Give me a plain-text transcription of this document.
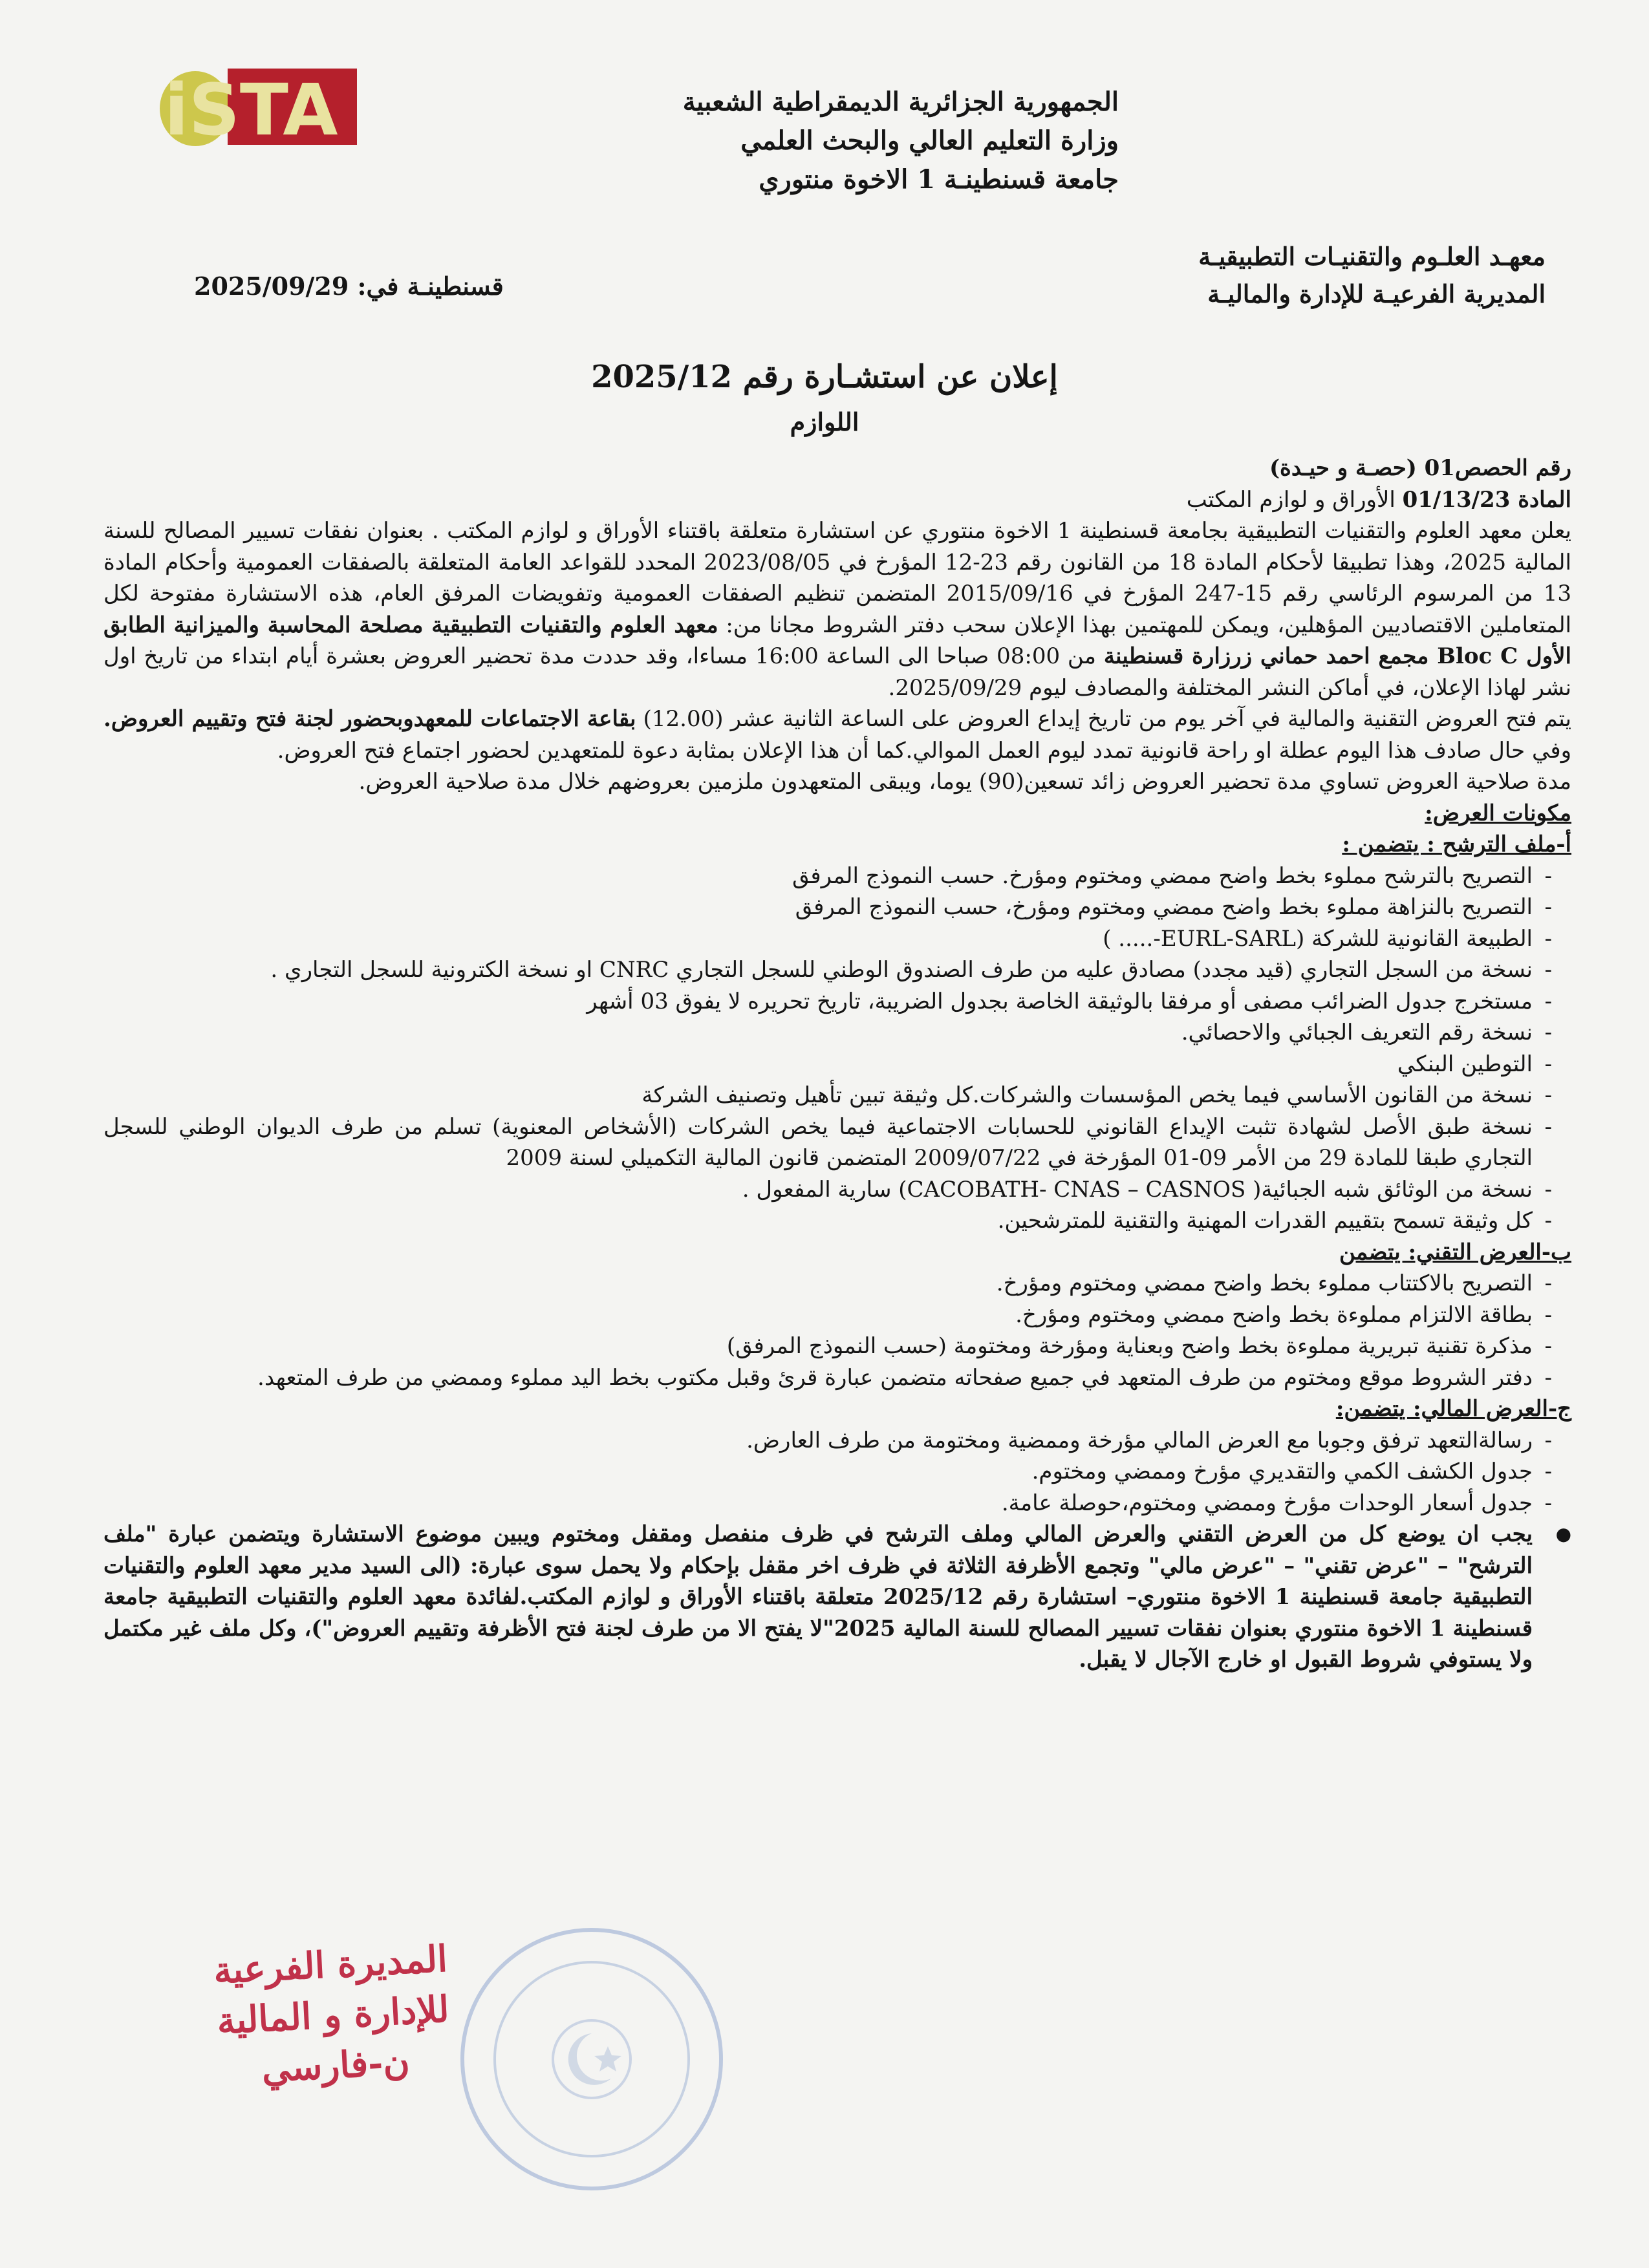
iSTA	الجمهورية الجزائرية الديمقراطية الشعبية
وزارة التعليم العالي والبحث العلمي
جامعة قسنطينـة 1 الاخوة منتوري
معهـد العلـوم والتقنيـات التطبيقيـة
المديرية الفرعيـة للإدارة والماليـة
قسنطينـة في: 2025/09/29
إعلان عن استشـارة رقم 2025/12
اللوازم

رقم الحصص01 (حصـة و حيـدة)

المادة 01/13/23 الأوراق و لوازم المكتب

يعلن معهد العلوم والتقنيات التطبيقية بجامعة قسنطينة 1 الاخوة منتوري عن استشارة متعلقة باقتناء الأوراق و لوازم المكتب . بعنوان نفقات تسيير المصالح للسنة المالية 2025، وهذا تطبيقا لأحكام المادة 18 من القانون رقم 23-12 المؤرخ في 2023/08/05 المحدد للقواعد العامة المتعلقة بالصفقات العمومية وأحكام المادة 13 من المرسوم الرئاسي رقم 15-247 المؤرخ في 2015/09/16 المتضمن تنظيم الصفقات العمومية وتفويضات المرفق العام، هذه الاستشارة مفتوحة لكل المتعاملين الاقتصاديين المؤهلين، ويمكن للمهتمين بهذا الإعلان سحب دفتر الشروط مجانا من: معهد العلوم والتقنيات التطبيقية مصلحة المحاسبة والميزانية الطابق الأول Bloc C مجمع احمد حماني زرزارة قسنطينة من 08:00 صباحا الى الساعة 16:00 مساءا، وقد حددت مدة تحضير العروض بعشرة أيام ابتداء من تاريخ اول نشر لهاذا الإعلان، في أماكن النشر المختلفة والمصادف ليوم 2025/09/29.

يتم فتح العروض التقنية والمالية في آخر يوم من تاريخ إيداع العروض على الساعة الثانية عشر (12.00) بقاعة الاجتماعات للمعهدوبحضور لجنة فتح وتقييم العروض. وفي حال صادف هذا اليوم عطلة او راحة قانونية تمدد ليوم العمل الموالي.كما أن هذا الإعلان بمثابة دعوة للمتعهدين لحضور اجتماع فتح العروض.

مدة صلاحية العروض تساوي مدة تحضير العروض زائد تسعين(90) يوما، ويبقى المتعهدون ملزمين بعروضهم خلال مدة صلاحية العروض.

مكونات العرض:

أ-ملف الترشح : يتضمن :

- التصريح بالترشح مملوء بخط واضح ممضي ومختوم ومؤرخ. حسب النموذج المرفق
- التصريح بالنزاهة مملوء بخط واضح ممضي ومختوم ومؤرخ، حسب النموذج المرفق
- الطبيعة القانونية للشركة (EURL-SARL-..... )
- نسخة من السجل التجاري (قيد مجدد) مصادق عليه من طرف الصندوق الوطني للسجل التجاري CNRC او نسخة الكترونية للسجل التجاري .
- مستخرج جدول الضرائب مصفى أو مرفقا بالوثيقة الخاصة بجدول الضريبة، تاريخ تحريره لا يفوق 03 أشهر
- نسخة رقم التعريف الجبائي والاحصائي.
- التوطين البنكي
- نسخة من القانون الأساسي فيما يخص المؤسسات والشركات.كل وثيقة تبين تأهيل وتصنيف الشركة
- نسخة طبق الأصل لشهادة تثبت الإيداع القانوني للحسابات الاجتماعية فيما يخص الشركات (الأشخاص المعنوية) تسلم من طرف الديوان الوطني للسجل التجاري طبقا للمادة 29 من الأمر 09-01 المؤرخة في 2009/07/22 المتضمن قانون المالية التكميلي لسنة 2009
- نسخة من الوثائق شبه الجبائية( CACOBATH- CNAS – CASNOS) سارية المفعول .
- كل وثيقة تسمح بتقييم القدرات المهنية والتقنية للمترشحين.

ب-العرض التقني: يتضمن

- التصريح بالاكتتاب مملوء بخط واضح ممضي ومختوم ومؤرخ.
- بطاقة الالتزام مملوءة بخط واضح ممضي ومختوم ومؤرخ.
- مذكرة تقنية تبريرية مملوءة بخط واضح وبعناية ومؤرخة ومختومة (حسب النموذج المرفق)
- دفتر الشروط موقع ومختوم من طرف المتعهد في جميع صفحاته متضمن عبارة قرئ وقبل مكتوب بخط اليد مملوء وممضي من طرف المتعهد.

ج-العرض المالي: يتضمن:

- رسالةالتعهد ترفق وجوبا مع العرض المالي مؤرخة وممضية ومختومة من طرف العارض.
- جدول الكشف الكمي والتقديري مؤرخ وممضي ومختوم.
- جدول أسعار الوحدات مؤرخ وممضي ومختوم،حوصلة عامة.

● يجب ان يوضع كل من العرض التقني والعرض المالي وملف الترشح في ظرف منفصل ومقفل ومختوم ويبين موضوع الاستشارة ويتضمن عبارة "ملف الترشح" – "عرض تقني" – "عرض مالي" وتجمع الأظرفة الثلاثة في ظرف اخر مقفل بإحكام ولا يحمل سوى عبارة: (الى السيد مدير معهد العلوم والتقنيات التطبيقية جامعة قسنطينة 1 الاخوة منتوري– استشارة رقم 2025/12 متعلقة باقتناء الأوراق و لوازم المكتب.لفائدة معهد العلوم والتقنيات التطبيقية جامعة قسنطينة 1 الاخوة منتوري بعنوان نفقات تسيير المصالح للسنة المالية 2025"لا يفتح الا من طرف لجنة فتح الأظرفة وتقييم العروض")، وكل ملف غير مكتمل ولا يستوفي شروط القبول او خارج الآجال لا يقبل.

المديرة الفرعية
للإدارة و المالية
ن-فارسي
